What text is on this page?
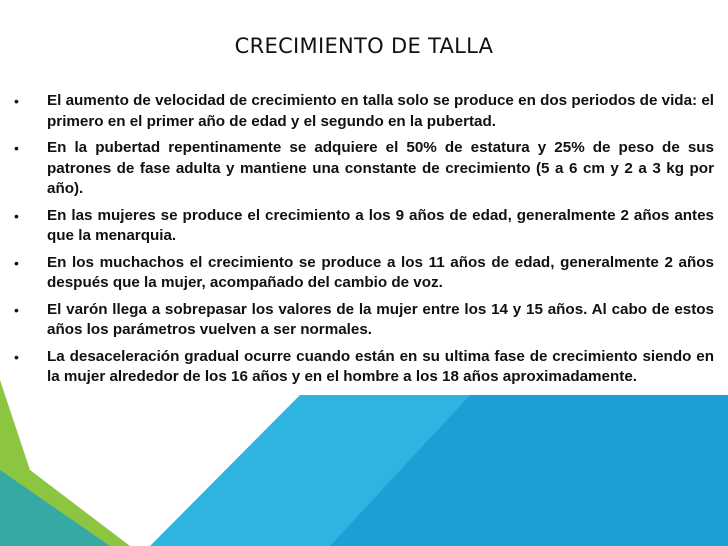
CRECIMIENTO DE TALLA
• El aumento de velocidad de crecimiento en talla solo se produce en dos periodos de vida: el primero en el primer año de edad y el segundo en la pubertad.
• En la pubertad repentinamente se adquiere el 50% de estatura y 25% de peso de sus patrones de fase adulta y mantiene una constante de crecimiento (5 a 6 cm y 2 a 3 kg por año).
• En las mujeres se produce el crecimiento a los 9 años de edad, generalmente 2 años antes que la menarquia.
• En los muchachos el crecimiento se produce a los 11 años de edad, generalmente 2 años después que la mujer, acompañado del cambio de voz.
• El varón llega a sobrepasar los valores de la mujer entre los 14 y 15 años. Al cabo de estos años los parámetros vuelven a ser normales.
• La desaceleración gradual ocurre cuando están en su ultima fase de crecimiento siendo en la mujer alrededor de los 16 años y en el hombre a los 18 años aproximadamente.
